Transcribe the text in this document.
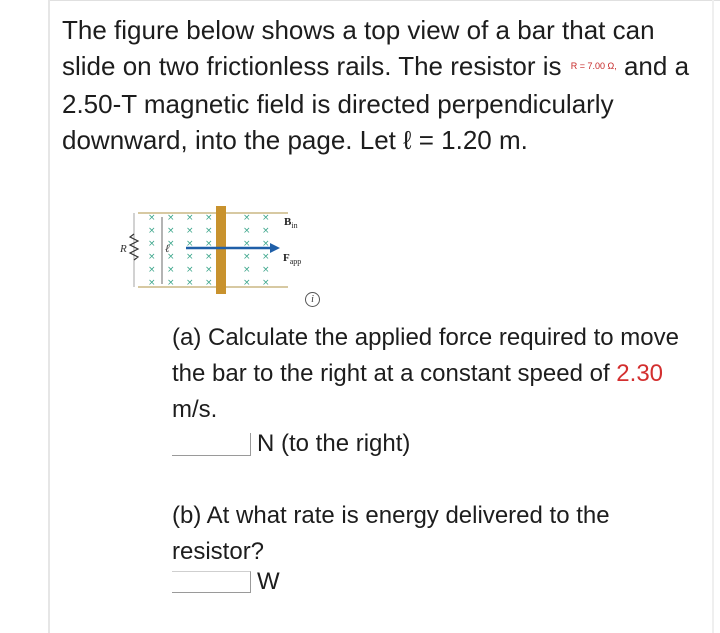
The figure below shows a top view of a bar that can slide on two frictionless rails. The resistor is R = 7.00 Ω, and a 2.50-T magnetic field is directed perpendicularly downward, into the page. Let ℓ = 1.20 m.
R
× × × ×	× ×
× × × ×	× ×
× × × ×	× ×
× × × ×	× ×
× × × ×	× ×
× × × ×	× ×
ℓ
$B_{in}$
$F_{app}$
i
(a) Calculate the applied force required to move the bar to the right at a constant speed of 2.30 m/s.
N (to the right)
(b) At what rate is energy delivered to the resistor?
W
